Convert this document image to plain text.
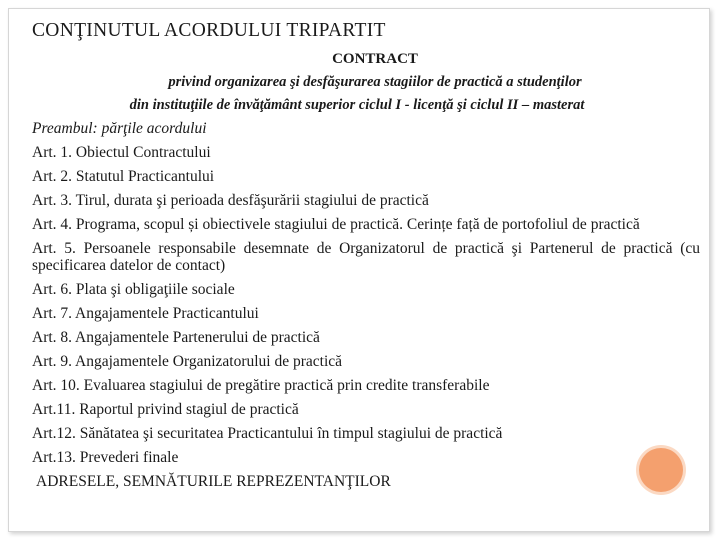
CONŢINUTUL ACORDULUI TRIPARTIT
CONTRACT
privind organizarea şi desfăşurarea stagiilor de practică a studenţilor
din instituţiile de învăţământ superior ciclul I - licenţă şi ciclul II – masterat

Preambul: părţile acordului

Art. 1. Obiectul Contractului

Art. 2. Statutul Practicantului

Art. 3. Tirul, durata şi perioada desfăşurării stagiului de practică

Art. 4. Programa, scopul și obiectivele stagiului de practică. Cerințe față de portofoliul de practică

Art. 5. Persoanele responsabile desemnate de Organizatorul de practică şi Partenerul de practică (cu specificarea datelor de contact)

Art. 6. Plata şi obligaţiile sociale

Art. 7. Angajamentele Practicantului

Art. 8. Angajamentele Partenerului de practică

Art. 9. Angajamentele Organizatorului de practică

Art. 10. Evaluarea stagiului de pregătire practică prin credite transferabile

Art.11. Raportul privind stagiul de practică

Art.12. Sănătatea şi securitatea Practicantului în timpul stagiului de practică

Art.13. Prevederi finale

ADRESELE, SEMNĂTURILE REPREZENTANŢILOR
